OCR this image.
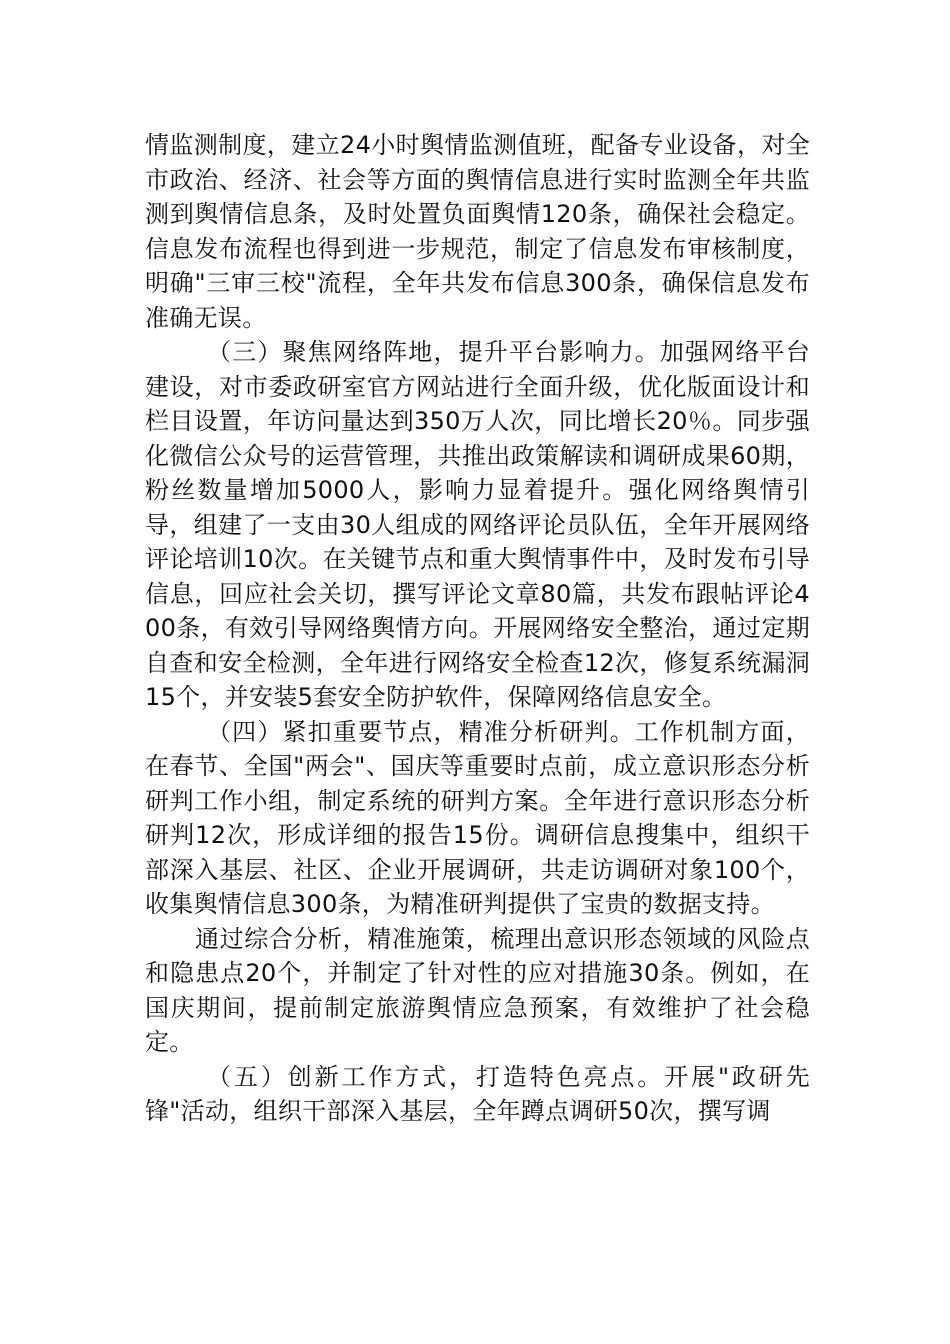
情监测制度，建立24小时舆情监测值班，配备专业设备，对全市政治、经济、社会等方面的舆情信息进行实时监测全年共监测到舆情信息条，及时处置负面舆情120条，确保社会稳定。信息发布流程也得到进一步规范，制定了信息发布审核制度，明确"三审三校"流程，全年共发布信息300条，确保信息发布准确无误。

（三）聚焦网络阵地，提升平台影响力。加强网络平台建设，对市委政研室官方网站进行全面升级，优化版面设计和栏目设置，年访问量达到350万人次，同比增长20％。同步强化微信公众号的运营管理，共推出政策解读和调研成果60期，粉丝数量增加5000人，影响力显着提升。强化网络舆情引导，组建了一支由30人组成的网络评论员队伍，全年开展网络评论培训10次。在关键节点和重大舆情事件中，及时发布引导信息，回应社会关切，撰写评论文章80篇，共发布跟帖评论400条，有效引导网络舆情方向。开展网络安全整治，通过定期自查和安全检测，全年进行网络安全检查12次，修复系统漏洞15个，并安装5套安全防护软件，保障网络信息安全。

（四）紧扣重要节点，精准分析研判。工作机制方面，在春节、全国"两会"、国庆等重要时点前，成立意识形态分析研判工作小组，制定系统的研判方案。全年进行意识形态分析研判12次，形成详细的报告15份。调研信息搜集中，组织干部深入基层、社区、企业开展调研，共走访调研对象100个，收集舆情信息300条，为精准研判提供了宝贵的数据支持。

通过综合分析，精准施策，梳理出意识形态领域的风险点和隐患点20个，并制定了针对性的应对措施30条。例如，在国庆期间，提前制定旅游舆情应急预案，有效维护了社会稳定。

（五）创新工作方式，打造特色亮点。开展"政研先锋"活动，组织干部深入基层，全年蹲点调研50次，撰写调
